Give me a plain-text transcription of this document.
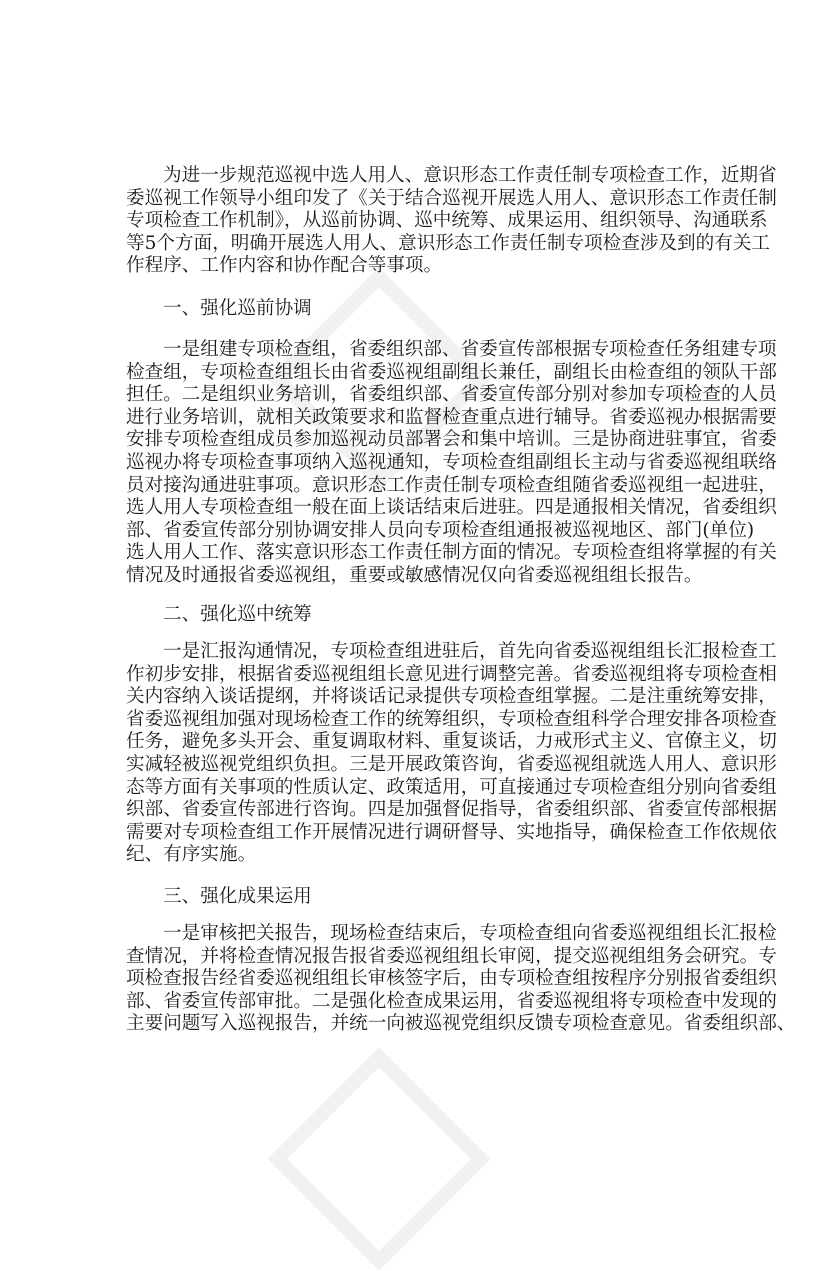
为进一步规范巡视中选人用人、意识形态工作责任制专项检查工作，近期省
委巡视工作领导小组印发了《关于结合巡视开展选人用人、意识形态工作责任制
专项检查工作机制》，从巡前协调、巡中统筹、成果运用、组织领导、沟通联系
等5个方面，明确开展选人用人、意识形态工作责任制专项检查涉及到的有关工
作程序、工作内容和协作配合等事项。
一、强化巡前协调
一是组建专项检查组，省委组织部、省委宣传部根据专项检查任务组建专项
检查组，专项检查组组长由省委巡视组副组长兼任，副组长由检查组的领队干部
担任。二是组织业务培训，省委组织部、省委宣传部分别对参加专项检查的人员
进行业务培训，就相关政策要求和监督检查重点进行辅导。省委巡视办根据需要
安排专项检查组成员参加巡视动员部署会和集中培训。三是协商进驻事宜，省委
巡视办将专项检查事项纳入巡视通知，专项检查组副组长主动与省委巡视组联络
员对接沟通进驻事项。意识形态工作责任制专项检查组随省委巡视组一起进驻，
选人用人专项检查组一般在面上谈话结束后进驻。四是通报相关情况，省委组织
部、省委宣传部分别协调安排人员向专项检查组通报被巡视地区、部门(单位)
选人用人工作、落实意识形态工作责任制方面的情况。专项检查组将掌握的有关
情况及时通报省委巡视组，重要或敏感情况仅向省委巡视组组长报告。
二、强化巡中统筹
一是汇报沟通情况，专项检查组进驻后，首先向省委巡视组组长汇报检查工
作初步安排，根据省委巡视组组长意见进行调整完善。省委巡视组将专项检查相
关内容纳入谈话提纲，并将谈话记录提供专项检查组掌握。二是注重统筹安排，
省委巡视组加强对现场检查工作的统筹组织，专项检查组科学合理安排各项检查
任务，避免多头开会、重复调取材料、重复谈话，力戒形式主义、官僚主义，切
实减轻被巡视党组织负担。三是开展政策咨询，省委巡视组就选人用人、意识形
态等方面有关事项的性质认定、政策适用，可直接通过专项检查组分别向省委组
织部、省委宣传部进行咨询。四是加强督促指导，省委组织部、省委宣传部根据
需要对专项检查组工作开展情况进行调研督导、实地指导，确保检查工作依规依
纪、有序实施。
三、强化成果运用
一是审核把关报告，现场检查结束后，专项检查组向省委巡视组组长汇报检
查情况，并将检查情况报告报省委巡视组组长审阅，提交巡视组组务会研究。专
项检查报告经省委巡视组组长审核签字后，由专项检查组按程序分别报省委组织
部、省委宣传部审批。二是强化检查成果运用，省委巡视组将专项检查中发现的
主要问题写入巡视报告，并统一向被巡视党组织反馈专项检查意见。省委组织部、
